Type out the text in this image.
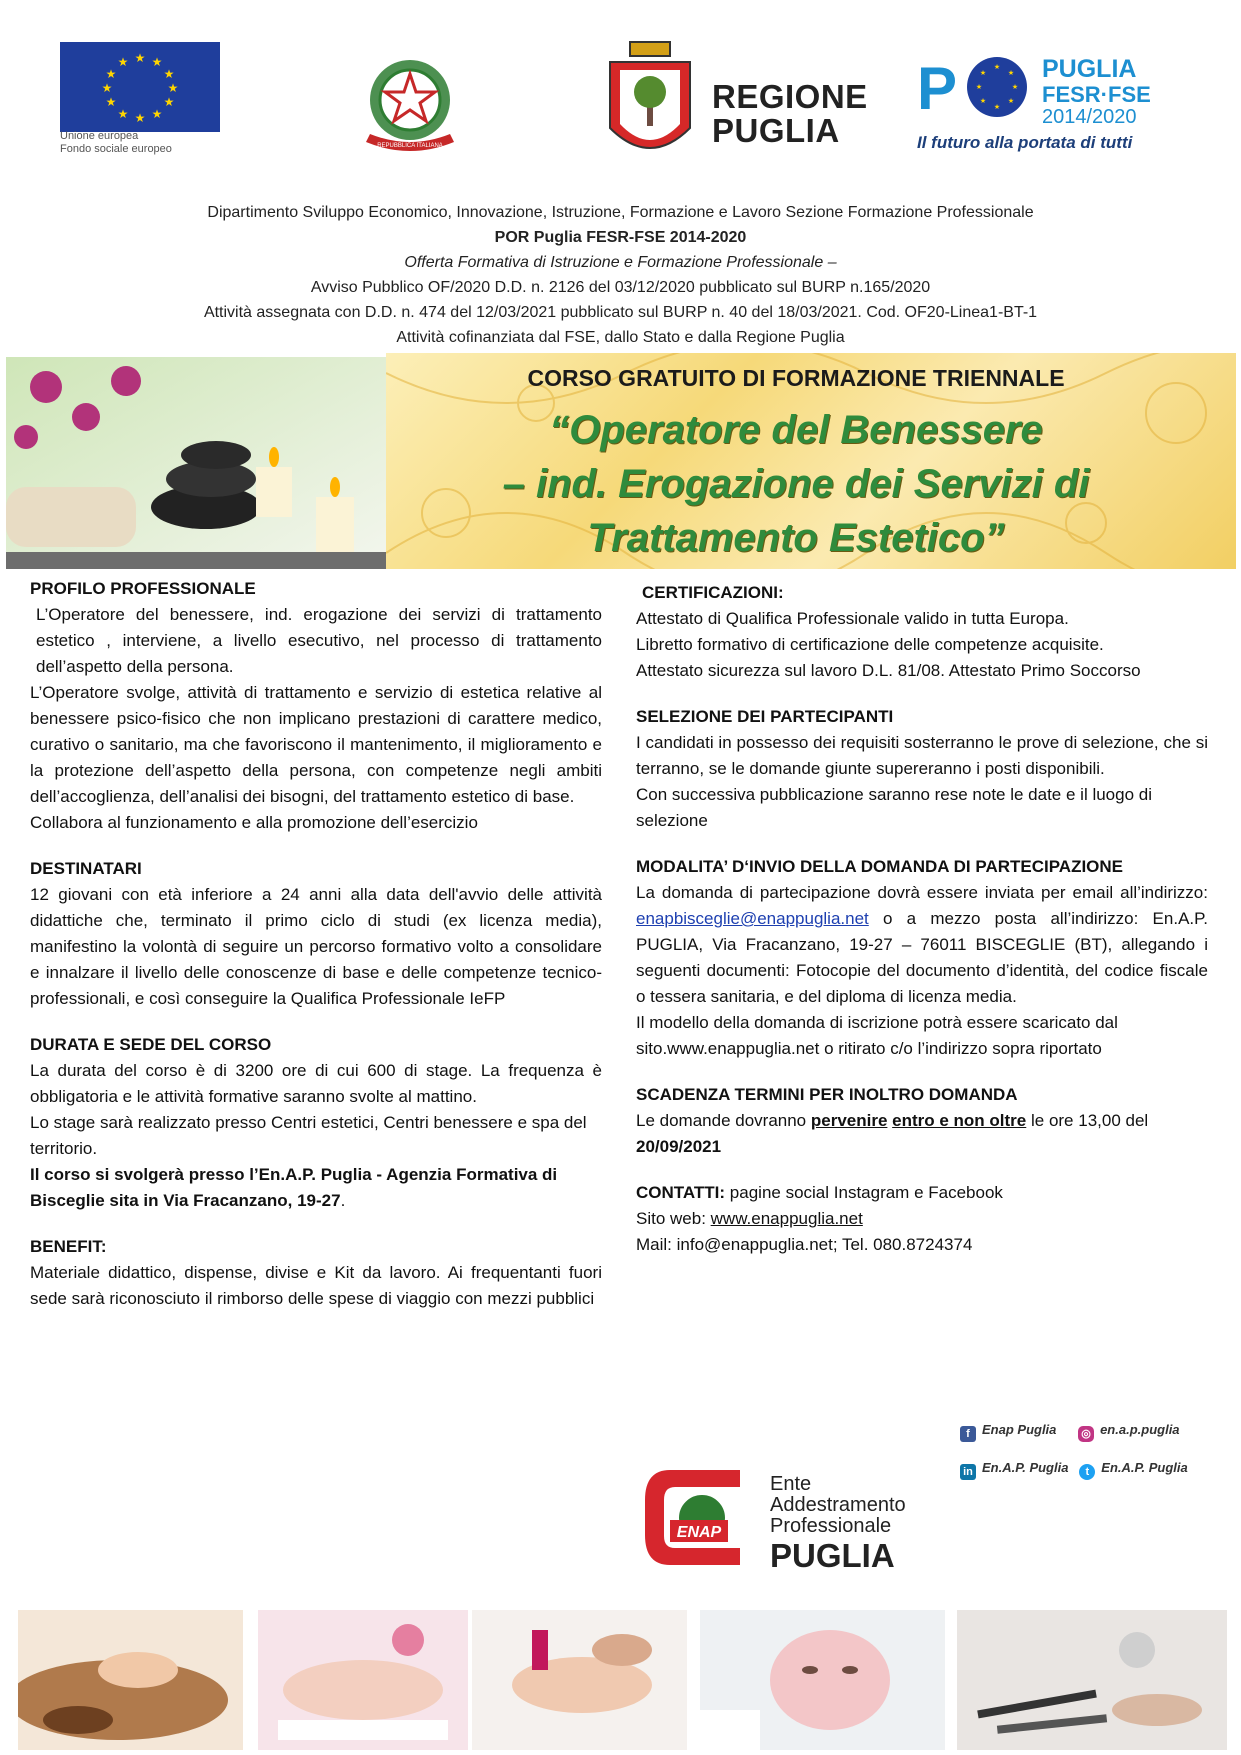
★ ★
★
★
★
★
★
★
★
★
★
★
Unione europea
Fondo sociale europeo	REPUBBLICA ITALIANA
REGIONE
PUGLIA
P	★
★
★
★
★
★
★
★ PUGLIA
FESR·FSE
2014/2020
Il futuro alla portata di tutti
Dipartimento Sviluppo Economico, Innovazione, Istruzione, Formazione e Lavoro Sezione Formazione Professionale
POR Puglia FESR-FSE 2014-2020
Offerta Formativa di Istruzione e Formazione Professionale –
Avviso Pubblico OF/2020 D.D. n. 2126 del 03/12/2020 pubblicato sul BURP n.165/2020
Attività assegnata con D.D. n. 474 del 12/03/2021 pubblicato sul BURP n. 40 del 18/03/2021. Cod. OF20-Linea1-BT-1
Attività cofinanziata dal FSE, dallo Stato e dalla Regione Puglia
CORSO GRATUITO DI FORMAZIONE TRIENNALE
“Operatore del Benessere
– ind. Erogazione dei Servizi di
Trattamento Estetico”
PROFILO PROFESSIONALE
L’Operatore del benessere, ind. erogazione dei servizi di trattamento estetico , interviene, a livello esecutivo, nel processo di trattamento dell’aspetto della persona.
L’Operatore svolge, attività di trattamento e servizio di estetica relative al benessere psico-fisico che non implicano prestazioni di carattere medico, curativo o sanitario, ma che favoriscono il mantenimento, il miglioramento e la protezione dell’aspetto della persona, con competenze negli ambiti dell’accoglienza, dell’analisi dei bisogni, del trattamento estetico di base.
Collabora al funzionamento e alla promozione dell’esercizio
DESTINATARI
12 giovani con età inferiore a 24 anni alla data dell'avvio delle attività didattiche che, terminato il primo ciclo di studi (ex licenza media), manifestino la volontà di seguire un percorso formativo volto a consolidare e innalzare il livello delle conoscenze di base e delle competenze tecnico-professionali, e così conseguire la Qualifica Professionale IeFP
DURATA E SEDE DEL CORSO
La durata del corso è di 3200 ore di cui 600 di stage. La frequenza è obbligatoria e le attività formative saranno svolte al mattino.
Lo stage sarà realizzato presso Centri estetici, Centri benessere e spa del territorio.
Il corso si svolgerà presso l’En.A.P. Puglia - Agenzia Formativa di Bisceglie sita in Via Fracanzano, 19-27.
BENEFIT:
Materiale didattico, dispense, divise e Kit da lavoro. Ai frequentanti fuori sede sarà riconosciuto il rimborso delle spese di viaggio con mezzi pubblici
CERTIFICAZIONI:
Attestato di Qualifica Professionale valido in tutta Europa.
Libretto formativo di certificazione delle competenze acquisite.
Attestato sicurezza sul lavoro D.L. 81/08. Attestato Primo Soccorso
SELEZIONE DEI PARTECIPANTI
I candidati in possesso dei requisiti sosterranno le prove di selezione, che si terranno, se le domande giunte supereranno i posti disponibili.
Con successiva pubblicazione saranno rese note le date e il luogo di selezione
MODALITA’ D‘INVIO DELLA DOMANDA DI PARTECIPAZIONE
La domanda di partecipazione dovrà essere inviata per email all’indirizzo: enapbisceglie@enappuglia.net o a mezzo posta all’indirizzo: En.A.P. PUGLIA, Via Fracanzano, 19-27 – 76011 BISCEGLIE (BT), allegando i seguenti documenti: Fotocopie del documento d’identità, del codice fiscale o tessera sanitaria, e del diploma di licenza media.
Il modello della domanda di iscrizione potrà essere scaricato dal sito.www.enappuglia.net o ritirato c/o l’indirizzo sopra riportato
SCADENZA TERMINI PER INOLTRO DOMANDA
Le domande dovranno pervenire entro e non oltre le ore 13,00 del 20/09/2021
CONTATTI: pagine social Instagram e Facebook
Sito web: www.enappuglia.net
Mail: info@enappuglia.net; Tel. 080.8724374
f Enap Puglia ◎ en.a.p.puglia
in En.A.P. Puglia t En.A.P. Puglia
ENAP
Ente
Addestramento
Professionale
PUGLIA
